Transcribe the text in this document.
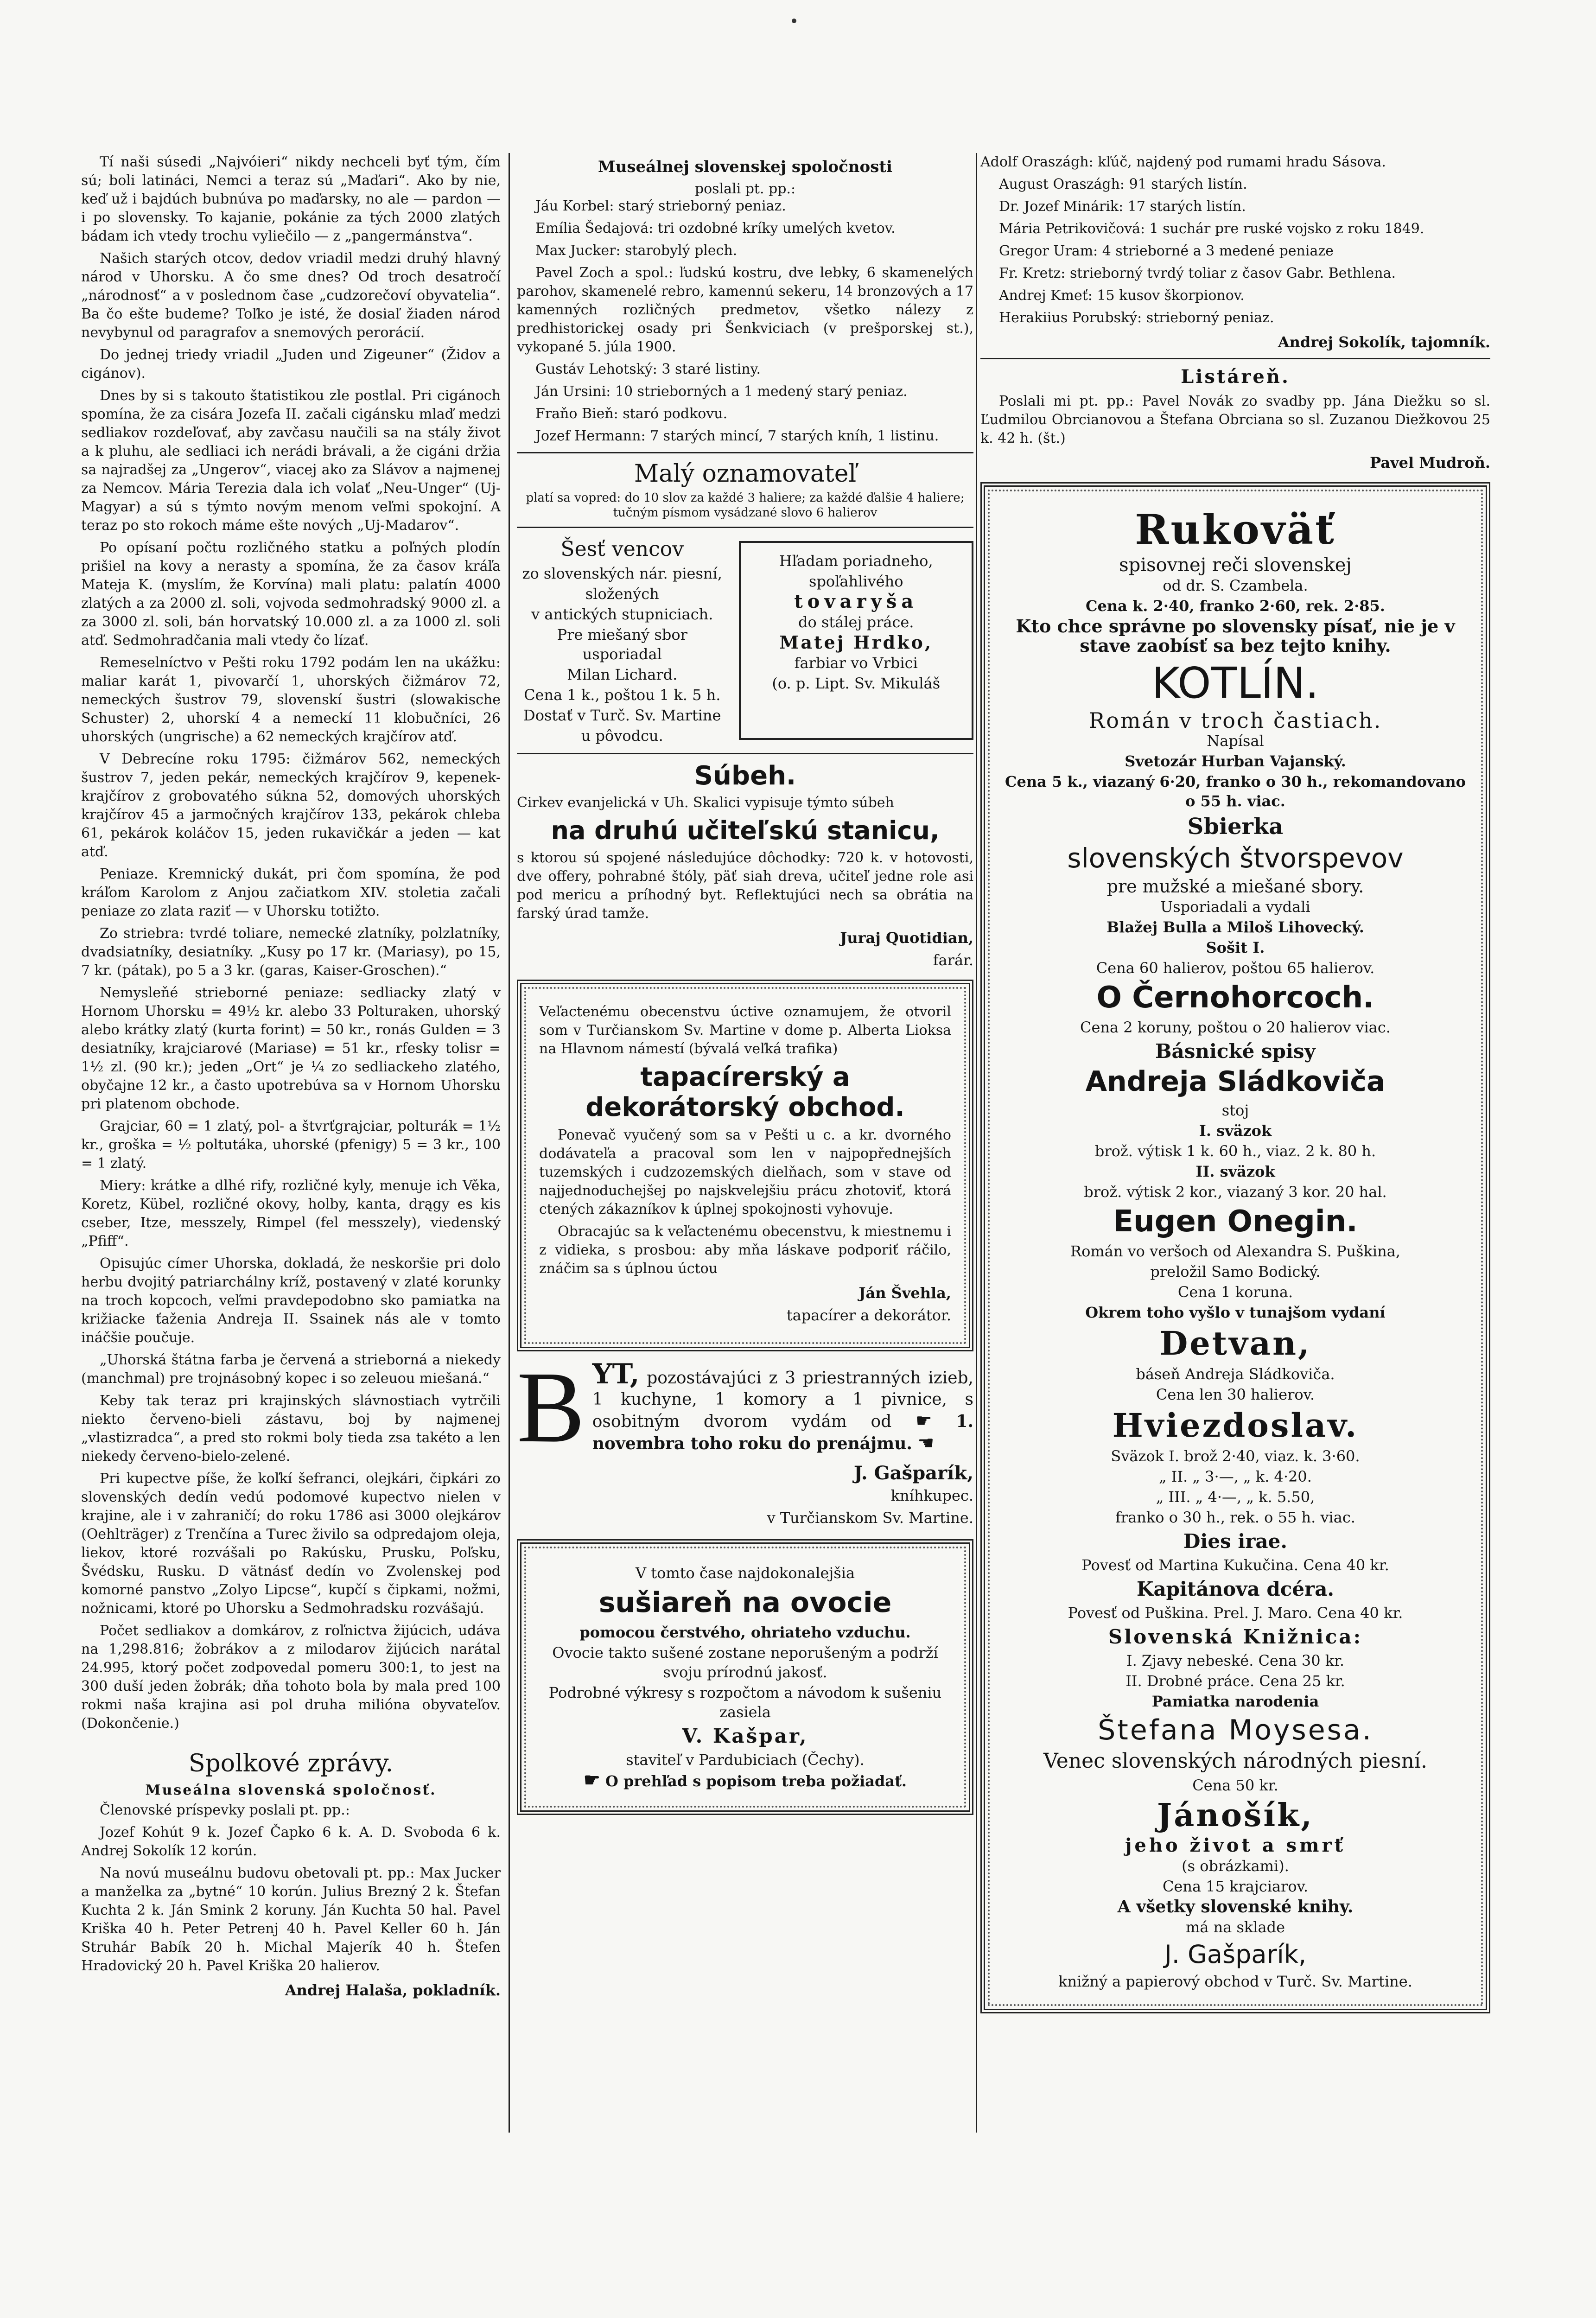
Tí naši súsedi „Najvóieri“ nikdy nechceli byť tým, čím sú; boli latináci, Nemci a teraz sú „Maďari“. Ako by nie, keď už i bajdúch bubnúva po maďarsky, no ale — pardon — i po slovensky. To kajanie, pokánie za tých 2000 zlatých bádam ich vtedy trochu vyliečilo — z „pangermánstva“.

Našich starých otcov, dedov vriadil medzi druhý hlavný národ v Uhorsku. A čo sme dnes? Od troch desatročí „národnosť“ a v poslednom čase „cudzorečoví obyvatelia“. Ba čo ešte budeme? Toľko je isté, že dosiaľ žiaden národ nevybynul od paragrafov a snemových perorácií.

Do jednej triedy vriadil „Juden und Zigeuner“ (Židov a cigánov).

Dnes by si s takouto štatistikou zle postlal. Pri cigánoch spomína, že za cisára Jozefa II. začali cigánsku mlaď medzi sedliakov rozdeľovať, aby zavčasu naučili sa na stály život a k pluhu, ale sedliaci ich nerádi brávali, a že cigáni držia sa najradšej za „Ungerov“, viacej ako za Slávov a najmenej za Nemcov. Mária Terezia dala ich volať „Neu-Unger“ (Uj-Magyar) a sú s týmto novým menom veľmi spokojní. A teraz po sto rokoch máme ešte nových „Uj-Madarov“.

Po opísaní počtu rozličného statku a poľných plodín prišiel na kovy a nerasty a spomína, že za časov kráľa Mateja K. (myslím, že Korvína) mali platu: palatín 4000 zlatých a za 2000 zl. soli, vojvoda sedmohradský 9000 zl. a za 3000 zl. soli, bán horvatský 10.000 zl. a za 1000 zl. soli atď. Sedmohradčania mali vtedy čo lízať.

Remeselníctvo v Pešti roku 1792 podám len na ukážku: maliar karát 1, pivovarčí 1, uhorských čižmárov 72, nemeckých šustrov 79, slovenskí šustri (slowakische Schuster) 2, uhorskí 4 a nemeckí 11 klobučníci, 26 uhorských (ungrische) a 62 nemeckých krajčírov atď.

V Debrecíne roku 1795: čižmárov 562, nemeckých šustrov 7, jeden pekár, nemeckých krajčírov 9, kepenek-krajčírov z grobovatého súkna 52, domových uhorských krajčírov 45 a jarmočných krajčírov 133, pekárok chleba 61, pekárok koláčov 15, jeden rukavičkár a jeden — kat atď.

Peniaze. Kremnický dukát, pri čom spomína, že pod kráľom Karolom z Anjou začiatkom XIV. stoletia začali peniaze zo zlata raziť — v Uhorsku totižto.

Zo striebra: tvrdé toliare, nemecké zlatníky, polzlatníky, dvadsiatníky, desiatníky. „Kusy po 17 kr. (Mariasy), po 15, 7 kr. (pátak), po 5 a 3 kr. (garas, Kaiser-Groschen).“

Nemysleňé strieborné peniaze: sedliacky zlatý v Hornom Uhorsku = 49½ kr. alebo 33 Polturaken, uhorský alebo krátky zlatý (kurta forint) = 50 kr., ronás Gulden = 3 desiatníky, krajciarové (Mariase) = 51 kr., rfesky tolisr = 1½ zl. (90 kr.); jeden „Ort“ je ¼ zo sedliackeho zlatého, obyčajne 12 kr., a často upotrebúva sa v Hornom Uhorsku pri platenom obchode.

Grajciar, 60 = 1 zlatý, pol- a štvrťgrajciar, polturák = 1½ kr., groška = ½ poltutáka, uhorské (pfenigy) 5 = 3 kr., 100 = 1 zlatý.

Miery: krátke a dlhé rify, rozličné kyly, menuje ich Věka, Koretz, Kübel, rozličné okovy, holby, kanta, drągy es kis cseber, Itze, messzely, Rimpel (fel messzely), viedenský „Pfiff“.

Opisujúc címer Uhorska, dokladá, že neskoršie pri dolo herbu dvojitý patriarchálny kríž, postavený v zlaté korunky na troch kopcoch, veľmi pravdepodobno sko pamiatka na križiacke ťaženia Andreja II. Ssainek nás ale v tomto ináčšie poučuje.

„Uhorská štátna farba je červená a strieborná a niekedy (manchmal) pre trojnásobný kopec i so zeleuou miešaná.“

Keby tak teraz pri krajinských slávnostiach vytrčili niekto červeno-bieli zástavu, boj by najmenej „vlastizradca“, a pred sto rokmi boly tieda zsa takéto a len niekedy červeno-bielo-zelené.

Pri kupectve píše, že koľkí šefranci, olejkári, čipkári zo slovenských dedín vedú podomové kupectvo nielen v krajine, ale i v zahraničí; do roku 1786 asi 3000 olejkárov (Oehlträger) z Trenčína a Turec živilo sa odpredajom oleja, liekov, ktoré rozvášali po Rakúsku, Prusku, Poľsku, Švédsku, Rusku. D vätnásť dedín vo Zvolenskej pod komorné panstvo „Zolyo Lipcse“, kupčí s čipkami, nožmi, nožnicami, ktoré po Uhorsku a Sedmohradsku rozvášajú.

Počet sedliakov a domkárov, z roľnictva žijúcich, udáva na 1,298.816; žobrákov a z milodarov žijúcich narátal 24.995, ktorý počet zodpovedal pomeru 300:1, to jest na 300 duší jeden žobrák; dňa tohoto bola by mala pred 100 rokmi naša krajina asi pol druha milióna obyvateľov. (Dokončenie.)

Spolkové zprávy.
Museálna slovenská spoločnosť.

Členovské príspevky poslali pt. pp.:

Jozef Kohút 9 k. Jozef Čapko 6 k. A. D. Svoboda 6 k. Andrej Sokolík 12 korún.

Na novú museálnu budovu obetovali pt. pp.: Max Jucker a manželka za „bytné“ 10 korún. Julius Brezný 2 k. Štefan Kuchta 2 k. Ján Smink 2 koruny. Ján Kuchta 50 hal. Pavel Kriška 40 h. Peter Petrenj 40 h. Pavel Keller 60 h. Ján Struhár Babík 20 h. Michal Majerík 40 h. Štefen Hradovický 20 h. Pavel Kriška 20 halierov.

Andrej Halaša, pokladník.

Museálnej slovenskej spoločnosti
poslali pt. pp.:

Jáu Korbel: starý strieborný peniaz.

Emília Šedajová: tri ozdobné kríky umelých kvetov.

Max Jucker: starobylý plech.

Pavel Zoch a spol.: ľudskú kostru, dve lebky, 6 skamenelých parohov, skamenelé rebro, kamennú sekeru, 14 bronzových a 17 kamenných rozličných predmetov, všetko nálezy z predhistorickej osady pri Šenkviciach (v prešporskej st.), vykopané 5. júla 1900.

Gustáv Lehotský: 3 staré listiny.

Ján Ursini: 10 strieborných a 1 medený starý peniaz.

Fraňo Bieň: staró podkovu.

Jozef Hermann: 7 starých mincí, 7 starých kníh, 1 listinu.

Malý oznamovateľ

platí sa vopred: do 10 slov za každé 3 haliere; za každé ďalšie 4 haliere; tučným písmom vysádzané slovo 6 halierov

Šesť vencov
zo slovenských nár. piesní,
složených
v antických stupniciach.
Pre miešaný sbor usporiadal
Milan Lichard.
Cena 1 k., poštou 1 k. 5 h.
Dostať v Turč. Sv. Martine
u pôvodcu.
Hľadam poriadneho,
spoľahlivého
tovaryša
do stálej práce.
Matej Hrdko,
farbiar vo Vrbici
(o. p. Lipt. Sv. Mikuláš
Súbeh.

Cirkev evanjelická v Uh. Skalici vypisuje týmto súbeh

na druhú učiteľskú stanicu,

s ktorou sú spojené následujúce dôchodky: 720 k. v hotovosti, dve offery, pohrabné štóly, päť siah dreva, učiteľ jedne role asi pod mericu a príhodný byt. Reflektujúci nech sa obrátia na farský úrad tamže.

Juraj Quotidian,

farár.

Veľactenému obecenstvu úctive oznamujem, že otvoril som v Turčianskom Sv. Martine v dome p. Alberta Lioksa na Hlavnom námestí (bývalá veľká trafika)

tapacírerský a dekorátorský obchod.

Ponevač vyučený som sa v Pešti u c. a kr. dvorného dodávateľa a pracoval som len v najpopřednejších tuzemských i cudzozemských dielňach, som v stave od najjednoduchejšej po najskvelejšiu prácu zhotoviť, ktorá ctených zákazníkov k úplnej spokojnosti vyhovuje.

Obracajúc sa k veľactenému obecenstvu, k miestnemu i z vidieka, s prosbou: aby mňa láskave podporiť ráčilo, znáčim sa s úplnou úctou

Ján Švehla,

tapacírer a dekorátor.

B YT, pozostávajúci z 3 priestranných izieb, 1 kuchyne, 1 komory a 1 pivnice, s osobitným dvorom vydám od ☛ 1. novembra toho roku do prenájmu. ☚

J. Gašparík,

kníhkupec.

v Turčianskom Sv. Martine.

V tomto čase najdokonalejšia
sušiareň na ovocie
pomocou čerstvého, ohriateho vzduchu.
Ovocie takto sušené zostane neporušeným a podrží svoju prírodnú jakosť.
Podrobné výkresy s rozpočtom a návodom k sušeniu zasiela
V. Kašpar,
staviteľ v Pardubiciach (Čechy).
☛ O prehľad s popisom treba požiadať.

Adolf Oraszágh: kľúč, najdený pod rumami hradu Sásova.

August Oraszágh: 91 starých listín.

Dr. Jozef Minárik: 17 starých listín.

Mária Petrikovičová: 1 suchár pre ruské vojsko z roku 1849.

Gregor Uram: 4 strieborné a 3 medené peniaze

Fr. Kretz: strieborný tvrdý toliar z časov Gabr. Bethlena.

Andrej Kmeť: 15 kusov škorpionov.

Herakiius Porubský: strieborný peniaz.

Andrej Sokolík, tajomník.

Listáreň.

Poslali mi pt. pp.: Pavel Novák zo svadby pp. Jána Diežku so sl. Ľudmilou Obrcianovou a Štefana Obrciana so sl. Zuzanou Diežkovou 25 k. 42 h. (št.)

Pavel Mudroň.

Rukoväť
spisovnej reči slovenskej
od dr. S. Czambela.
Cena k. 2·40, franko 2·60, rek. 2·85.
Kto chce správne po slovensky písať, nie je v stave zaobísť sa bez tejto knihy.
KOTLÍN.
Román v troch častiach.
Napísal
Svetozár Hurban Vajanský.
Cena 5 k., viazaný 6·20, franko o 30 h., rekomandovano o 55 h. viac.
Sbierka
slovenských štvorspevov
pre mužské a miešané sbory.
Usporiadali a vydali
Blažej Bulla a Miloš Lihovecký.
Sošit I.
Cena 60 halierov, poštou 65 halierov.
O Černohorcoch.
Cena 2 koruny, poštou o 20 halierov viac.
Básnické spisy
Andreja Sládkoviča
stoj
I. sväzok
brož. výtisk 1 k. 60 h., viaz. 2 k. 80 h.
II. sväzok
brož. výtisk 2 kor., viazaný 3 kor. 20 hal.
Eugen Onegin.
Román vo veršoch od Alexandra S. Puškina,
preložil Samo Bodický.
Cena 1 koruna.
Okrem toho vyšlo v tunajšom vydaní
Detvan,
báseň Andreja Sládkoviča.
Cena len 30 halierov.
Hviezdoslav.
Sväzok I. brož 2·40, viaz. k. 3·60.
„ II. „ 3·—, „ k. 4·20.
„ III. „ 4·—, „ k. 5.50,
franko o 30 h., rek. o 55 h. viac.
Dies irae.
Povesť od Martina Kukučina. Cena 40 kr.
Kapitánova dcéra.
Povesť od Puškina. Prel. J. Maro. Cena 40 kr.
Slovenská Knižnica:
I. Zjavy nebeské. Cena 30 kr.
II. Drobné práce. Cena 25 kr.
Pamiatka narodenia
Štefana Moysesa.
Venec slovenských národných piesní.
Cena 50 kr.
Jánošík,
jeho život a smrť
(s obrázkami).
Cena 15 krajciarov.
A všetky slovenské knihy.
má na sklade
J. Gašparík,
knižný a papierový obchod v Turč. Sv. Martine.
